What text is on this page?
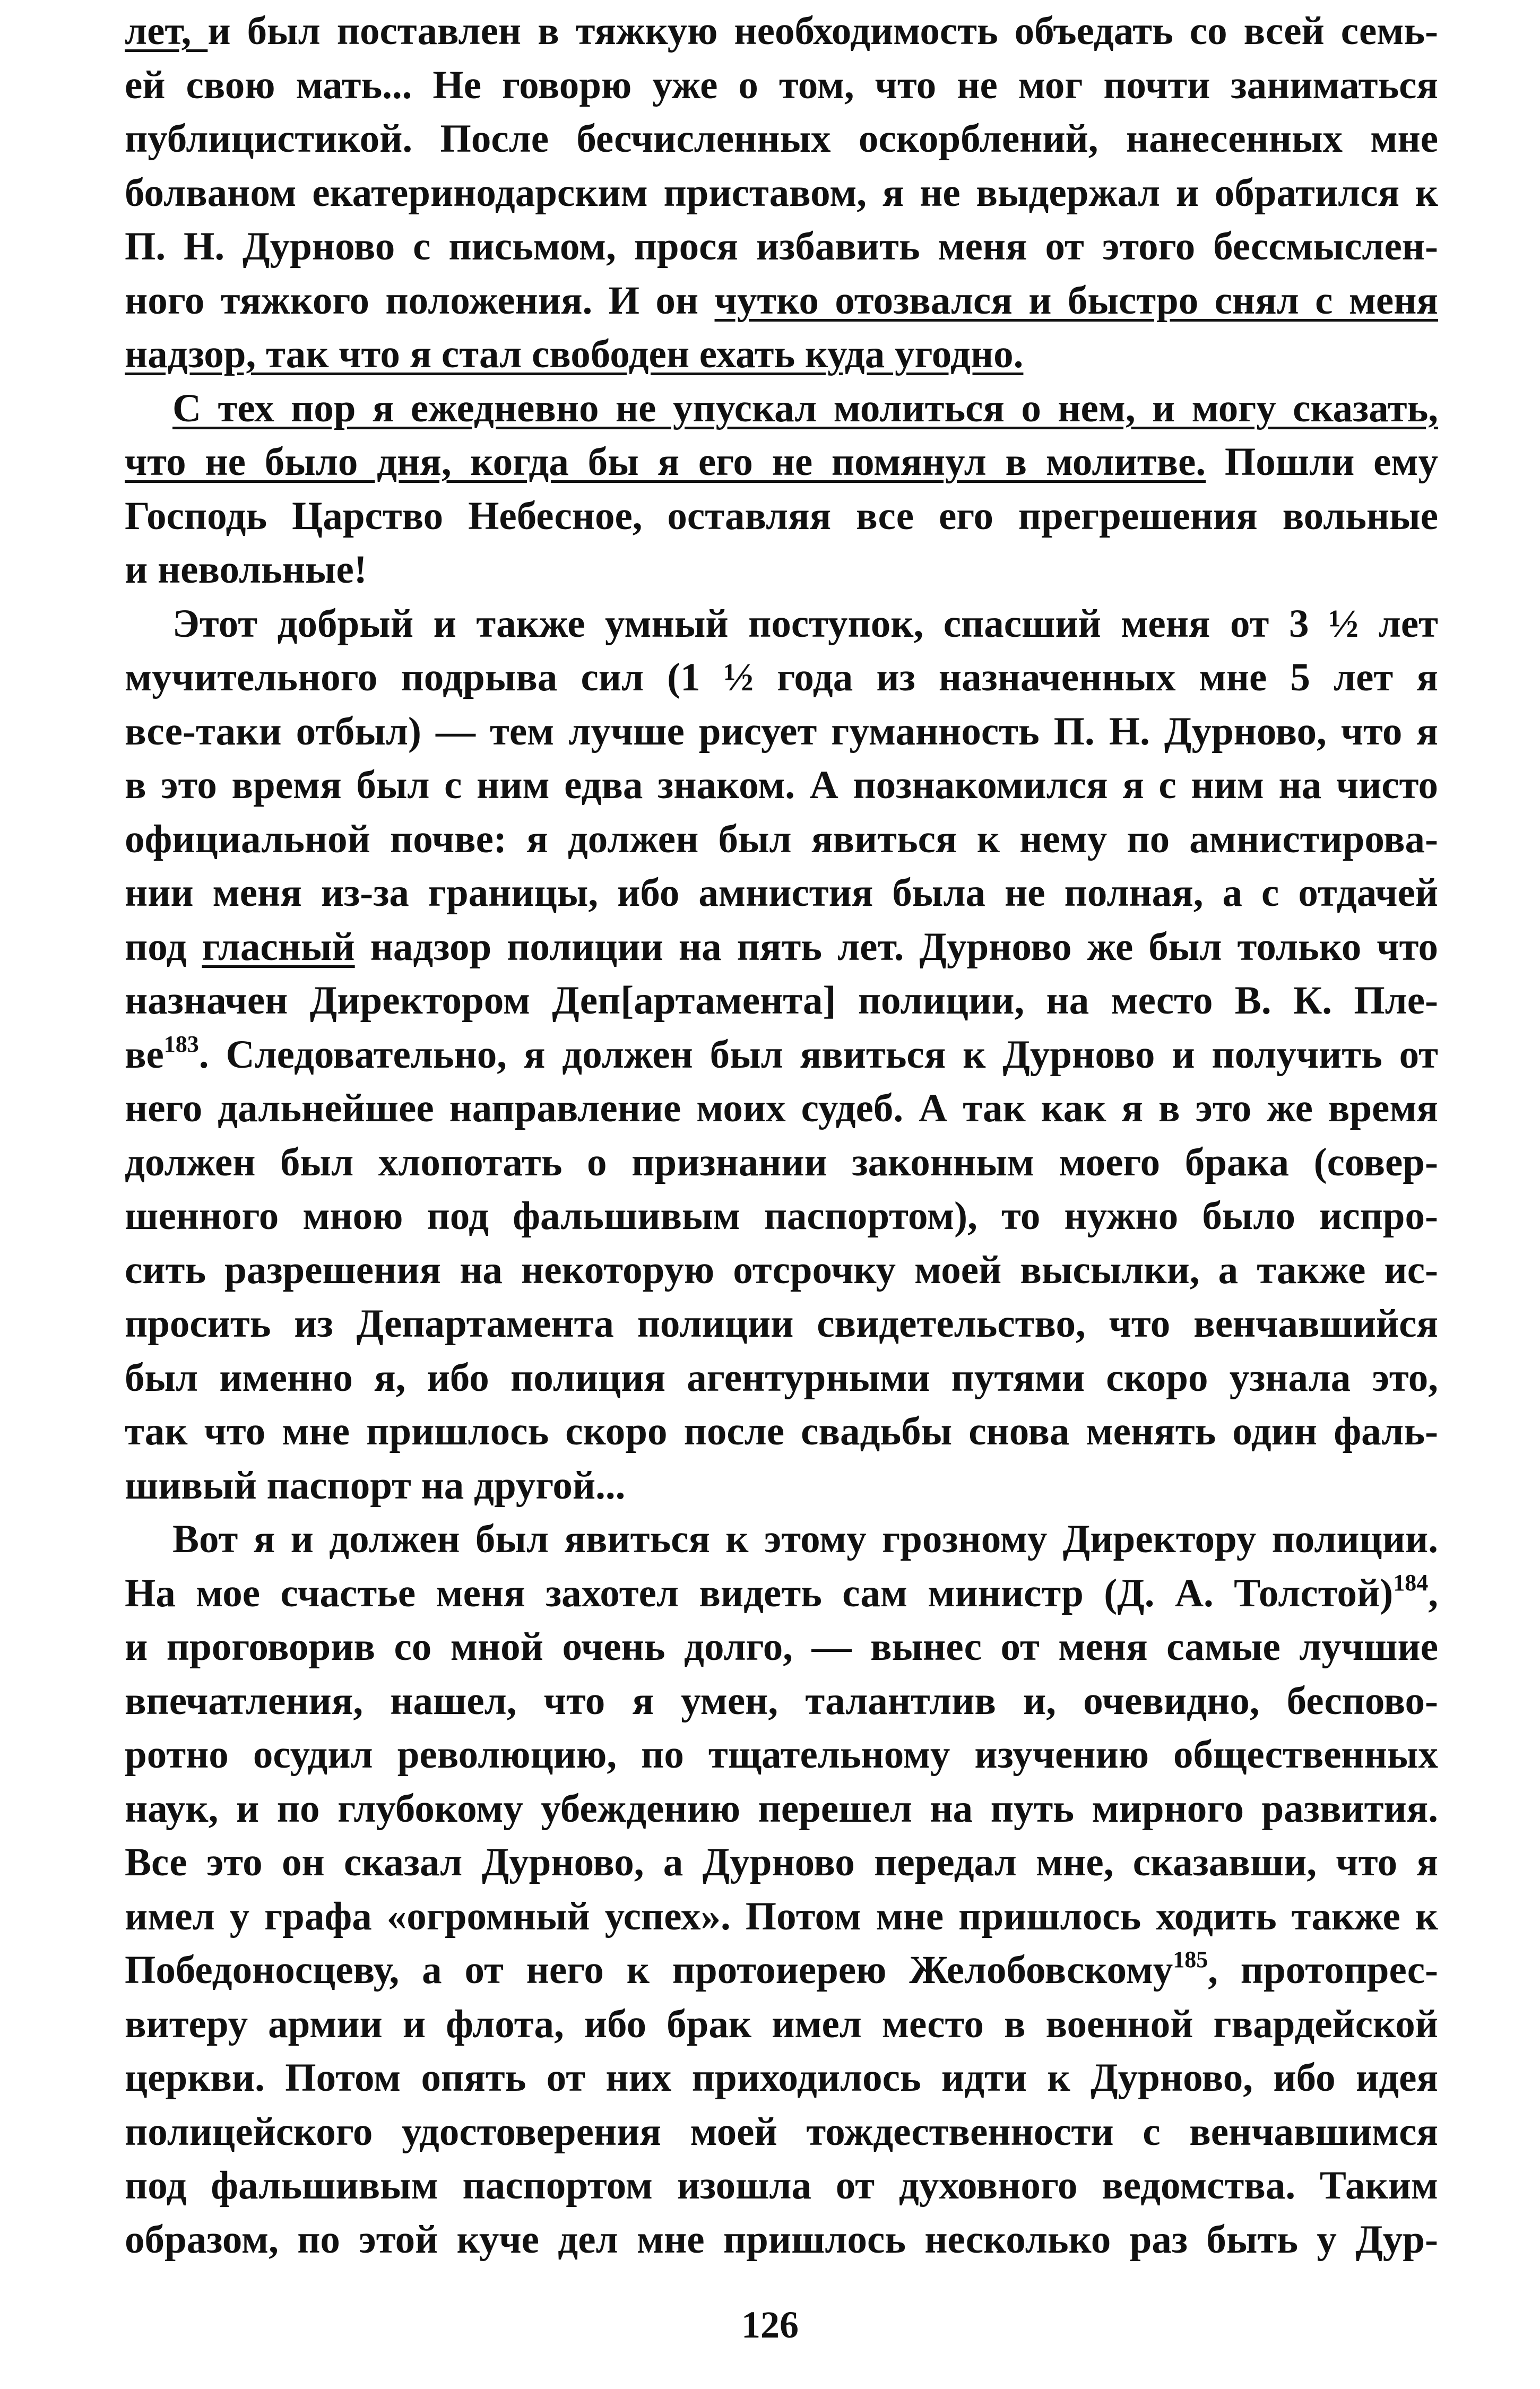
лет, и был поставлен в тяжкую необходимость объедать со всей семь-
ей свою мать... Не говорю уже о том, что не мог почти заниматься
публицистикой. После бесчисленных оскорблений, нанесенных мне
болваном екатеринодарским приставом, я не выдержал и обратился к
П. Н. Дурново с письмом, прося избавить меня от этого бессмыслен-
ного тяжкого положения. И он чутко отозвался и быстро снял с меня
надзор, так что я стал свободен ехать куда угодно.
С тех пор я ежедневно не упускал молиться о нем, и могу сказать,
что не было дня, когда бы я его не помянул в молитве. Пошли ему
Господь Царство Небесное, оставляя все его прегрешения вольные
и невольные!
Этот добрый и также умный поступок, спасший меня от 3 ½ лет
мучительного подрыва сил (1 ½ года из назначенных мне 5 лет я
все-таки отбыл) — тем лучше рисует гуманность П. Н. Дурново, что я
в это время был с ним едва знаком. А познакомился я с ним на чисто
официальной почве: я должен был явиться к нему по амнистирова-
нии меня из-за границы, ибо амнистия была не полная, а с отдачей
под гласный надзор полиции на пять лет. Дурново же был только что
назначен Директором Деп[артамента] полиции, на место В. К. Пле-
$ве^{183}$. Следовательно, я должен был явиться к Дурново и получить от
него дальнейшее направление моих судеб. А так как я в это же время
должен был хлопотать о признании законным моего брака (совер-
шенного мною под фальшивым паспортом), то нужно было испро-
сить разрешения на некоторую отсрочку моей высылки, а также ис-
просить из Департамента полиции свидетельство, что венчавшийся
был именно я, ибо полиция агентурными путями скоро узнала это,
так что мне пришлось скоро после свадьбы снова менять один фаль-
шивый паспорт на другой...
Вот я и должен был явиться к этому грозному Директору полиции.
На мое счастье меня захотел видеть сам министр (Д. А. Толстой)$^{184}$,
и проговорив со мной очень долго, — вынес от меня самые лучшие
впечатления, нашел, что я умен, талантлив и, очевидно, беспово-
ротно осудил революцию, по тщательному изучению общественных
наук, и по глубокому убеждению перешел на путь мирного развития.
Все это он сказал Дурново, а Дурново передал мне, сказавши, что я
имел у графа «огромный успех». Потом мне пришлось ходить также к
Победоносцеву, а от него к протоиерею Желобовскому$^{185}$, протопрес-
витеру армии и флота, ибо брак имел место в военной гвардейской
церкви. Потом опять от них приходилось идти к Дурново, ибо идея
полицейского удостоверения моей тождественности с венчавшимся
под фальшивым паспортом изошла от духовного ведомства. Таким
образом, по этой куче дел мне пришлось несколько раз быть у Дур-
126
